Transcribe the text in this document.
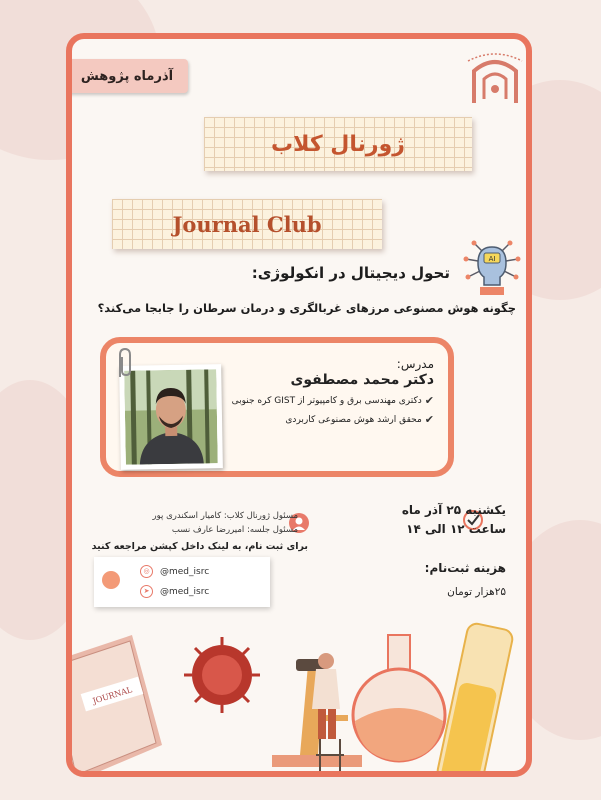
آذرماه پژوهش
ژورنال کلاب
Journal Club
AI
تحول دیجیتال در انکولوژی:
چگونه هوش مصنوعی مرزهای غربالگری و درمان سرطان را جابجا می‌کند؟
مدرس:
دکتر محمد مصطفوی
✔
دکتری مهندسی برق و کامپیوتر از GIST کره جنوبی
✔
محقق ارشد هوش مصنوعی کاربردی
یکشنبه ۲۵ آذر ماه
ساعت ۱۲ الی ۱۴
هزینه ثبت‌نام:
۲۵هزار تومان
مسئول ژورنال کلاب: کامیار اسکندری پور
مسئول جلسه: امیررضا عارف نسب
برای ثبت نام، به لینک داخل کپشن مراجعه کنید
◎	@med_isrc
➤	@med_isrc
JOURNAL
